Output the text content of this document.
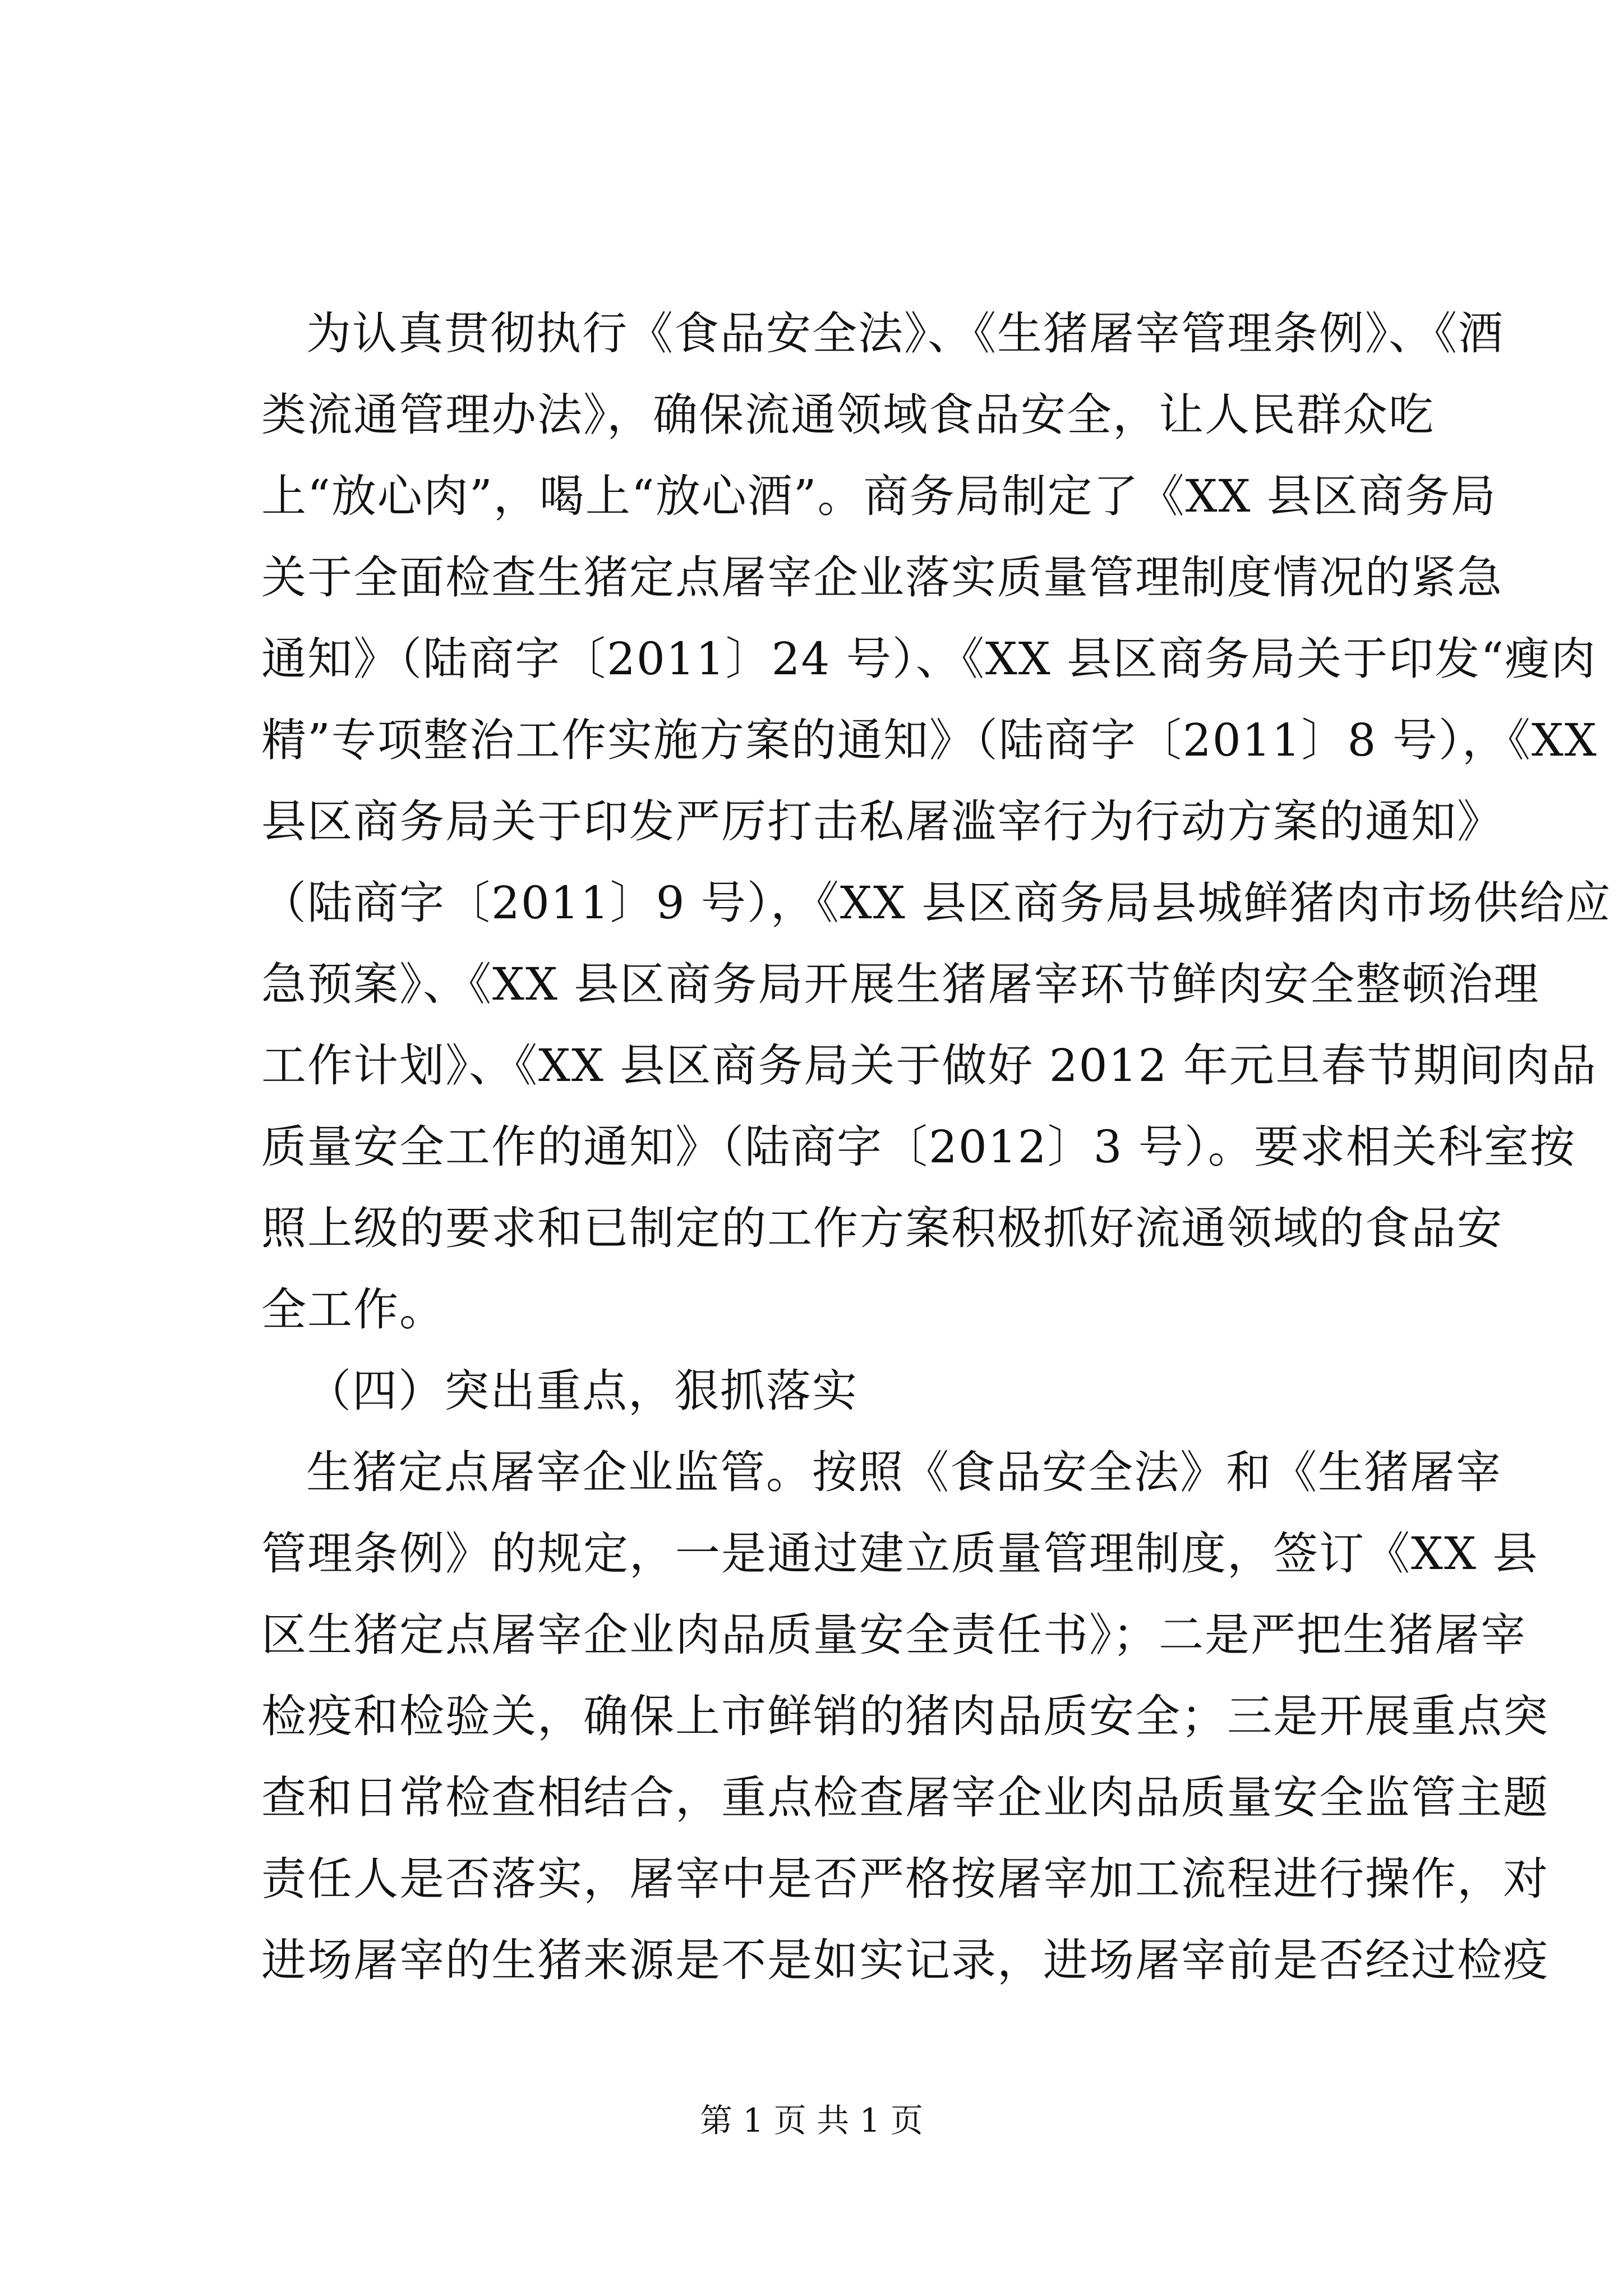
为认真贯彻执行《食品安全法》、《生猪屠宰管理条例》、《酒
类流通管理办法》，确保流通领域食品安全，让人民群众吃
上“放心肉”，喝上“放心酒”。商务局制定了《XX 县区商务局
关于全面检查生猪定点屠宰企业落实质量管理制度情况的紧急
通知》（陆商字〔2011〕24 号）、《XX 县区商务局关于印发“瘦肉
精”专项整治工作实施方案的通知》（陆商字〔2011〕8 号），《XX
县区商务局关于印发严厉打击私屠滥宰行为行动方案的通知》
（陆商字〔2011〕9 号），《XX 县区商务局县城鲜猪肉市场供给应
急预案》、《XX 县区商务局开展生猪屠宰环节鲜肉安全整顿治理
工作计划》、《XX 县区商务局关于做好 2012 年元旦春节期间肉品
质量安全工作的通知》（陆商字〔2012〕3 号）。要求相关科室按
照上级的要求和已制定的工作方案积极抓好流通领域的食品安
全工作。
（四）突出重点，狠抓落实
生猪定点屠宰企业监管。按照《食品安全法》和《生猪屠宰
管理条例》的规定，一是通过建立质量管理制度，签订《XX 县
区生猪定点屠宰企业肉品质量安全责任书》；二是严把生猪屠宰
检疫和检验关，确保上市鲜销的猪肉品质安全；三是开展重点突
查和日常检查相结合，重点检查屠宰企业肉品质量安全监管主题
责任人是否落实，屠宰中是否严格按屠宰加工流程进行操作，对
进场屠宰的生猪来源是不是如实记录，进场屠宰前是否经过检疫
第 1 页 共 1 页
